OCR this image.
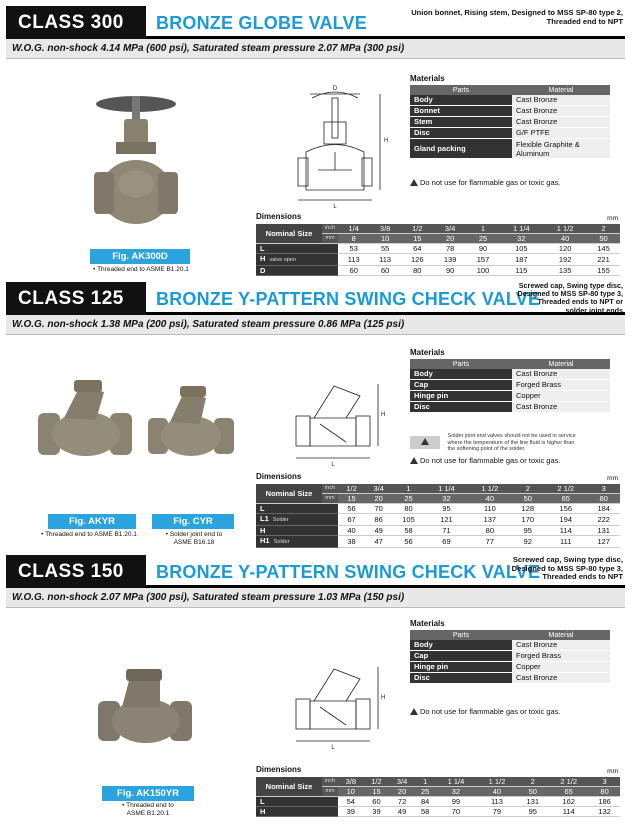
CLASS 300	BRONZE GLOBE VALVE
Union bonnet, Rising stem, Designed to MSS SP-80 type 2,
Threaded end to NPT
W.O.G. non-shock 4.14 MPa (600 psi), Saturated steam pressure 2.07 MPa (300 psi)
Fig. AK300D
• Threaded end to ASME B1.20.1
L
H
D
Materials
Parts	Material
Body	Cast Bronze
Bonnet	Cast Bronze
Stem	Cast Bronze
Disc	G/F PTFE
Gland packing	Flexible Graphite & Aluminum
Do not use for flammable gas or toxic gas.
Dimensions	mm
Nominal Size	inch	1/4	3/8	1/2	3/4	1	1 1/4	1 1/2	2
	mm	8	10	15	20	25	32	40	50
L		53	55	64	78	90	105	120	145
H valve open		113	113	126	139	157	187	192	221
D		60	60	80	90	100	115	135	155
CLASS 125	BRONZE Y-PATTERN SWING CHECK VALVE
Screwed cap, Swing type disc,
Designed to MSS SP-80 type 3,
Threaded ends to NPT or
solder joint ends
W.O.G. non-shock 1.38 MPa (200 psi), Saturated steam pressure 0.86 MPa (125 psi)
Fig. AKYR	Fig. CYR
• Threaded end to ASME B1.20.1	• Solder joint end to
ASME B16.18
L
H
Materials
Parts	Material
Body	Cast Bronze
Cap	Forged Brass
Hinge pin	Copper
Disc	Cast Bronze

Solder joint end valves should not be used in service
where the temperature of the line fluid is higher than
the softening point of the solder.
Do not use for flammable gas or toxic gas.
Dimensions	mm
Nominal Size	inch	1/2	3/4	1	1 1/4	1 1/2	2	2 1/2	3
	mm	15	20	25	32	40	50	65	80
L		56	70	80	95	110	128	156	184
L1 Solder		67	86	105	121	137	170	194	222
H		40	49	58	71	80	95	114	131
H1 Solder		38	47	56	69	77	92	111	127
CLASS 150	BRONZE Y-PATTERN SWING CHECK VALVE
Screwed cap, Swing type disc,
Designed to MSS SP-80 type 3,
Threaded ends to NPT
W.O.G. non-shock 2.07 MPa (300 psi), Saturated steam pressure 1.03 MPa (150 psi)
Fig. AK150YR
• Threaded end to
ASME B1.20.1
L
H
Materials
Parts	Material
Body	Cast Bronze
Cap	Forged Brass
Hinge pin	Copper
Disc	Cast Bronze
Do not use for flammable gas or toxic gas.
Dimensions	mm
Nominal Size	inch	3/8	1/2	3/4	1	1 1/4	1 1/2	2	2 1/2	3
	mm	10	15	20	25	32	40	50	65	80
L		54	60	72	84	99	113	131	162	186
H		39	39	49	58	70	79	95	114	132
